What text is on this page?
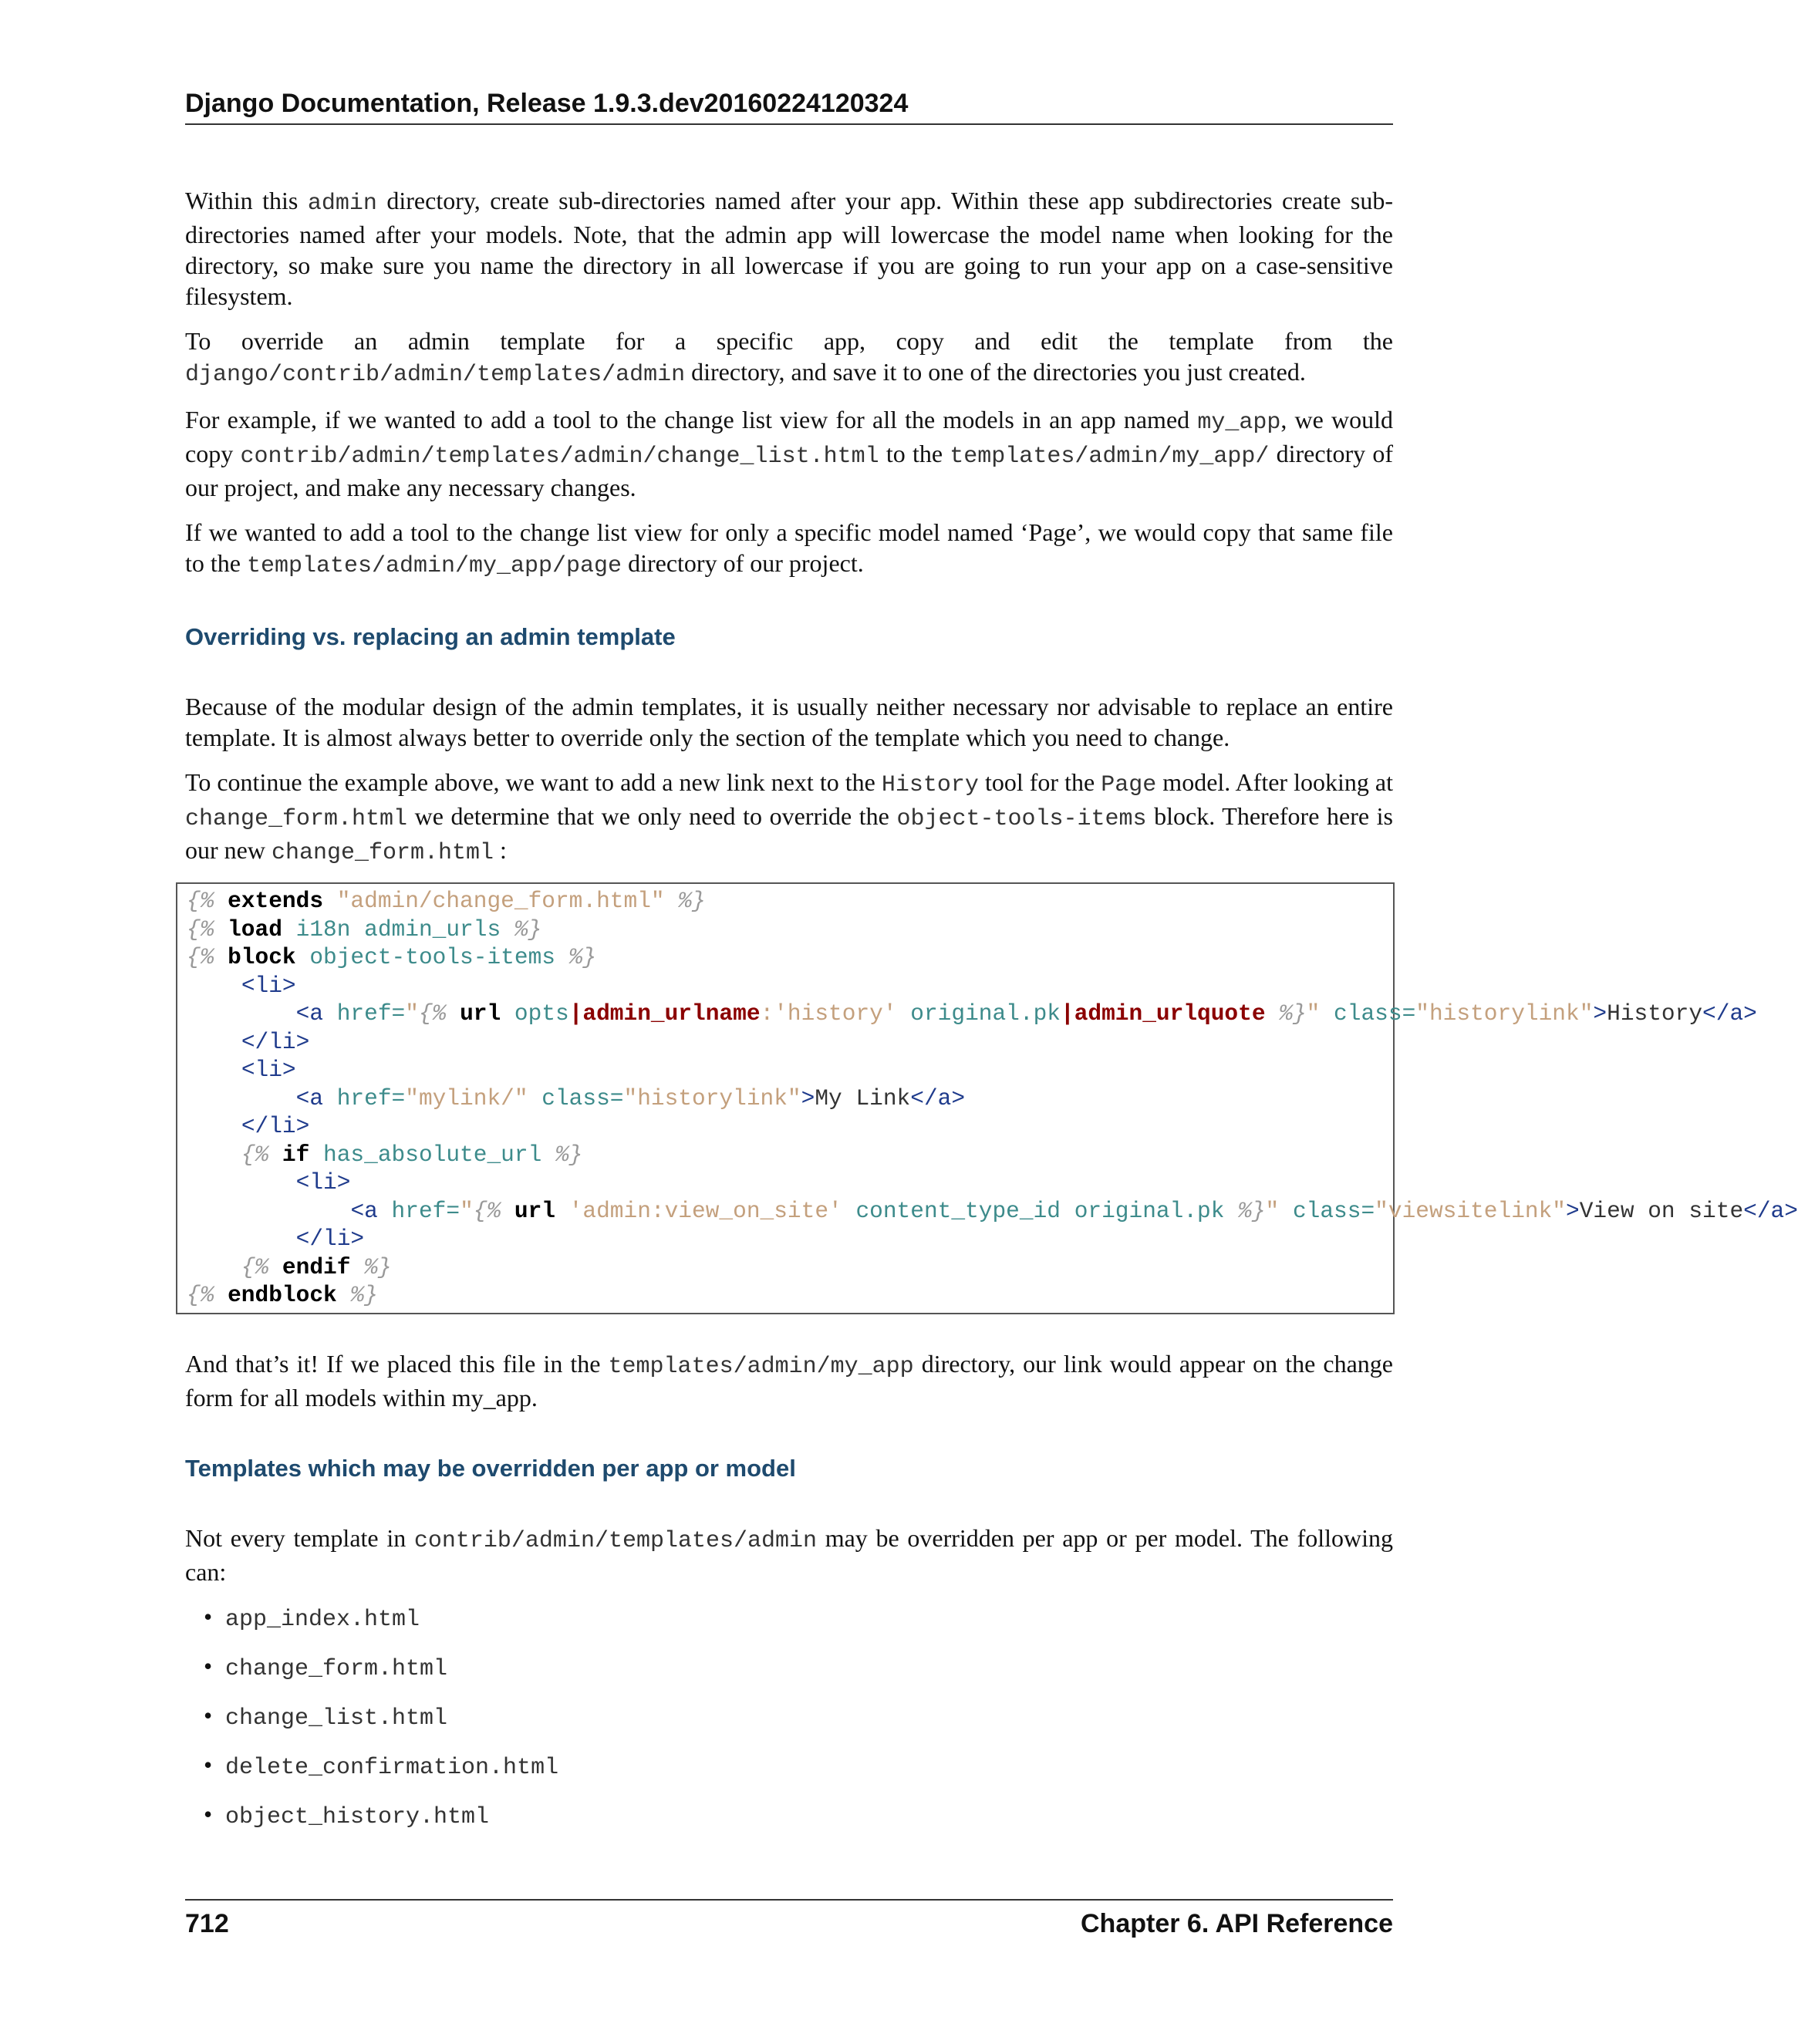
Django Documentation, Release 1.9.3.dev20160224120324

Within this admin directory, create sub-directories named after your app. Within these app subdirectories create sub-directories named after your models. Note, that the admin app will lowercase the model name when looking for the directory, so make sure you name the directory in all lowercase if you are going to run your app on a case-sensitive filesystem.

To override an admin template for a specific app, copy and edit the template from the django/contrib/admin/templates/admin directory, and save it to one of the directories you just created.

For example, if we wanted to add a tool to the change list view for all the models in an app named my_app, we would copy contrib/admin/templates/admin/change_list.html to the templates/admin/my_app/ directory of our project, and make any necessary changes.

If we wanted to add a tool to the change list view for only a specific model named ‘Page’, we would copy that same file to the templates/admin/my_app/page directory of our project.

Overriding vs. replacing an admin template

Because of the modular design of the admin templates, it is usually neither necessary nor advisable to replace an entire template. It is almost always better to override only the section of the template which you need to change.

To continue the example above, we want to add a new link next to the History tool for the Page model. After looking at change_form.html we determine that we only need to override the object-tools-items block. Therefore here is our new change_form.html :

{% extends "admin/change_form.html" %}
{% load i18n admin_urls %}
{% block object-tools-items %}
<li>
<a href="{% url opts|admin_urlname:'history' original.pk|admin_urlquote %}" class="historylink">History</a>
</li>
<li>
<a href="mylink/" class="historylink">My Link</a>
</li>
{% if has_absolute_url %}
<li>
<a href="{% url 'admin:view_on_site' content_type_id original.pk %}" class="viewsitelink">View on site</a>
</li>
{% endif %}
{% endblock %}

And that’s it! If we placed this file in the templates/admin/my_app directory, our link would appear on the change form for all models within my_app.

Templates which may be overridden per app or model

Not every template in contrib/admin/templates/admin may be overridden per app or per model. The following can:

• app_index.html
• change_form.html
• change_list.html
• delete_confirmation.html
• object_history.html
712	Chapter 6. API Reference
